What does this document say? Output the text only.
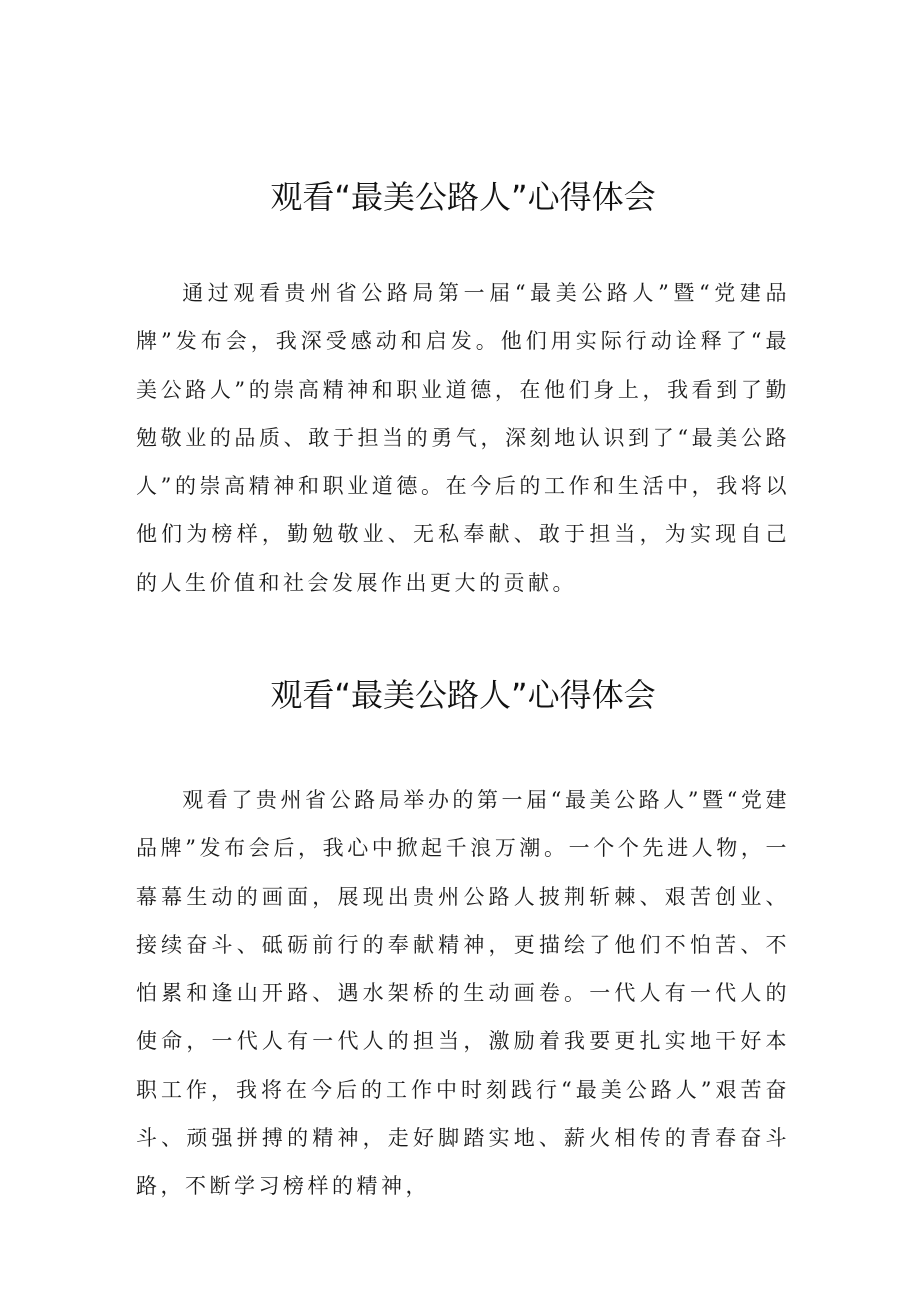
观看“最美公路人”心得体会

通过观看贵州省公路局第一届“最美公路人”暨“党建品牌”发布会，我深受感动和启发。他们用实际行动诠释了“最美公路人”的崇高精神和职业道德，在他们身上，我看到了勤勉敬业的品质、敢于担当的勇气，深刻地认识到了“最美公路人”的崇高精神和职业道德。在今后的工作和生活中，我将以他们为榜样，勤勉敬业、无私奉献、敢于担当，为实现自己的人生价值和社会发展作出更大的贡献。

观看“最美公路人”心得体会

观看了贵州省公路局举办的第一届“最美公路人”暨“党建品牌”发布会后，我心中掀起千浪万潮。一个个先进人物，一幕幕生动的画面，展现出贵州公路人披荆斩棘、艰苦创业、接续奋斗、砥砺前行的奉献精神，更描绘了他们不怕苦、不怕累和逢山开路、遇水架桥的生动画卷。一代人有一代人的使命，一代人有一代人的担当，激励着我要更扎实地干好本职工作，我将在今后的工作中时刻践行“最美公路人”艰苦奋斗、顽强拼搏的精神，走好脚踏实地、薪火相传的青春奋斗路，不断学习榜样的精神，
